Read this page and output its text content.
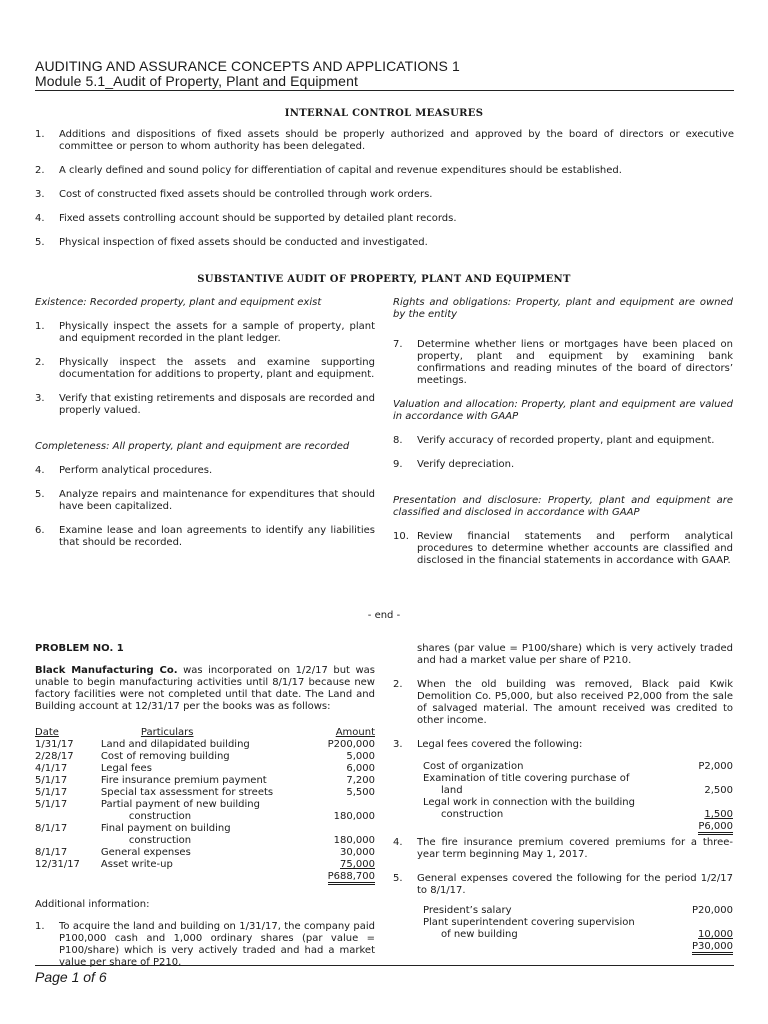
AUDITING AND ASSURANCE CONCEPTS AND APPLICATIONS 1
Module 5.1_Audit of Property, Plant and Equipment
INTERNAL CONTROL MEASURES
1.	Additions and dispositions of fixed assets should be properly authorized and approved by the board of directors or executive committee or person to whom authority has been delegated.
2.	A clearly defined and sound policy for differentiation of capital and revenue expenditures should be established.
3.	Cost of constructed fixed assets should be controlled through work orders.
4.	Fixed assets controlling account should be supported by detailed plant records.
5.	Physical inspection of fixed assets should be conducted and investigated.
SUBSTANTIVE AUDIT OF PROPERTY, PLANT AND EQUIPMENT
Existence: Recorded property, plant and equipment exist
1.	Physically inspect the assets for a sample of property, plant and equipment recorded in the plant ledger.
2.	Physically inspect the assets and examine supporting documentation for additions to property, plant and equipment.
3.	Verify that existing retirements and disposals are recorded and properly valued.
Completeness: All property, plant and equipment are recorded
4.	Perform analytical procedures.
5.	Analyze repairs and maintenance for expenditures that should have been capitalized.
6.	Examine lease and loan agreements to identify any liabilities that should be recorded.
Rights and obligations: Property, plant and equipment are owned by the entity
7.	Determine whether liens or mortgages have been placed on property, plant and equipment by examining bank confirmations and reading minutes of the board of directors’ meetings.
Valuation and allocation: Property, plant and equipment are valued in accordance with GAAP
8.	Verify accuracy of recorded property, plant and equipment.
9.	Verify depreciation.
Presentation and disclosure: Property, plant and equipment are classified and disclosed in accordance with GAAP
10. Review financial statements and perform analytical procedures to determine whether accounts are classified and disclosed in the financial statements in accordance with GAAP.
- end -
PROBLEM NO. 1
Black Manufacturing Co. was incorporated on 1/2/17 but was unable to begin manufacturing activities until 8/1/17 because new factory facilities were not completed until that date. The Land and Building account at 12/31/17 per the books was as follows:
Date	Particulars	Amount
1/31/17	Land and dilapidated building	P200,000
2/28/17	Cost of removing building	5,000
4/1/17	Legal fees	6,000
5/1/17	Fire insurance premium payment	7,200
5/1/17	Special tax assessment for streets	5,500
5/1/17	Partial payment of new building	
	construction	180,000
8/1/17	Final payment on building	
	construction	180,000
8/1/17	General expenses	30,000
12/31/17	Asset write-up	75,000
		P688,700
Additional information:
1.	To acquire the land and building on 1/31/17, the company paid P100,000 cash and 1,000 ordinary shares (par value = P100/share) which is very actively traded and had a market value per share of P210.
shares (par value = P100/share) which is very actively traded and had a market value per share of P210.
2.	When the old building was removed, Black paid Kwik Demolition Co. P5,000, but also received P2,000 from the sale of salvaged material. The amount received was credited to other income.
3.	Legal fees covered the following:
Cost of organization	P2,000
Examination of title covering purchase of
land	2,500
Legal work in connection with the building
construction	1,500
P6,000
4.	The fire insurance premium covered premiums for a three-year term beginning May 1, 2017.
5.	General expenses covered the following for the period 1/2/17 to 8/1/17.
President’s salary	P20,000
Plant superintendent covering supervision
of new building	10,000
P30,000
Page 1 of 6
